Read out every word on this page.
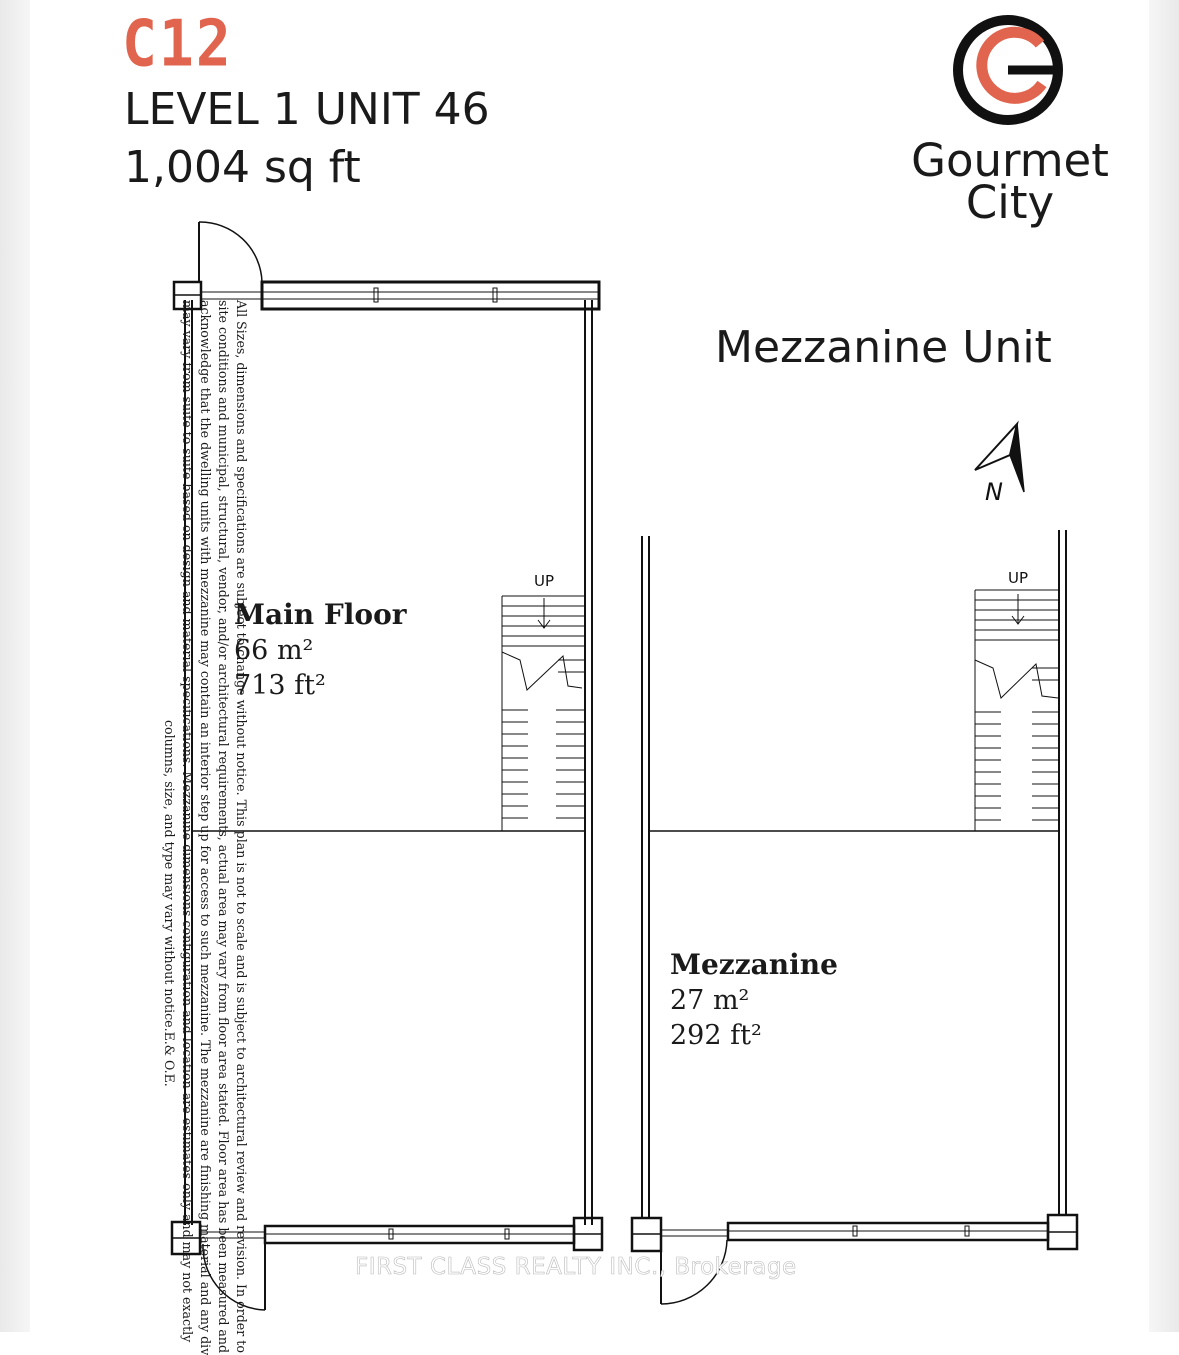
C12
LEVEL 1 UNIT 46
1,004 sq ft
N
UP	UP
Gourmet
City
Mezzanine Unit
Main Floor
66 m²
713 ft²
Mezzanine
27 m²
292 ft²
All Sizes, dimensions and specifications are subject to change without notice. This plan is not to scale and is subject to architectural review and revision. In order to
site conditions and municipal, structural, vendor, and/or architectural requirements, actual area may vary from floor area stated. Floor area has been measured and
acknowledge that the dwelling units with mezzanine may contain an interior step up for access to such mezzanine. The mezzanine are finishing material and any div
may vary from suite to suite based on design and material specifications. Mezzanine dimensions configuration and location are estimates only and may not exactly
columns, size, and type may vary without notice.E.& O.E.
FIRST CLASS REALTY INC., Brokerage
